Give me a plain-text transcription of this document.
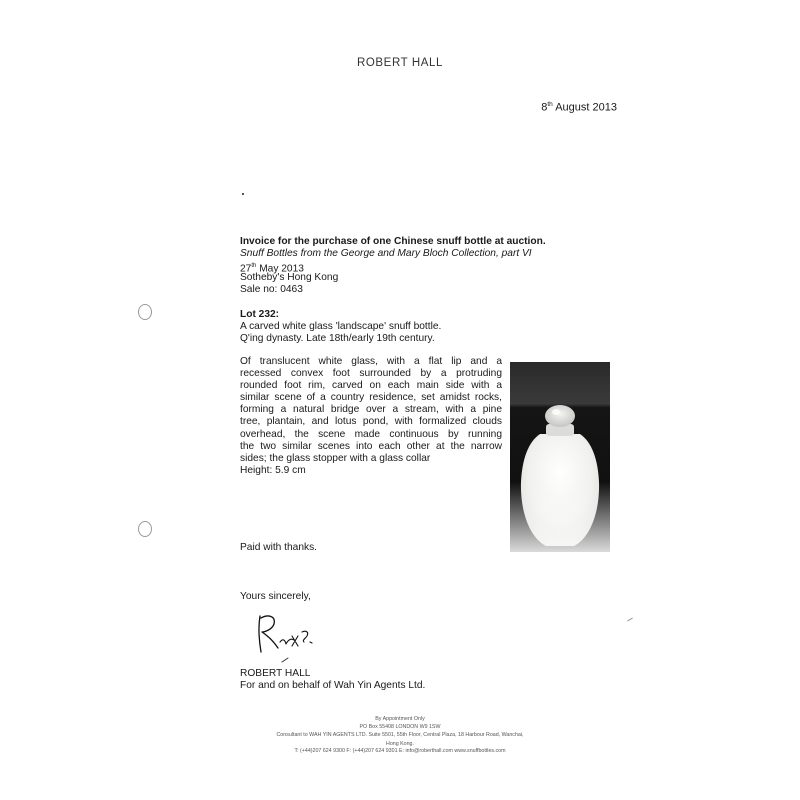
ROBERT HALL
8th August 2013
Invoice for the purchase of one Chinese snuff bottle at auction.
Snuff Bottles from the George and Mary Bloch Collection, part VI
27th May 2013
Sotheby's Hong Kong
Sale no: 0463
Lot 232:
A carved white glass 'landscape' snuff bottle.
Q'ing dynasty. Late 18th/early 19th century.
Of translucent white glass, with a flat lip and a
recessed convex foot surrounded by a protruding
rounded foot rim, carved on each main side with a
similar scene of a country residence, set amidst rocks,
forming a natural bridge over a stream, with a pine
tree, plantain, and lotus pond, with formalized clouds
overhead, the scene made continuous by running
the two similar scenes into each other at the narrow
sides; the glass stopper with a glass collar
Height: 5.9 cm
Paid with thanks.
Yours sincerely,
ROBERT HALL
For and on behalf of Wah Yin Agents Ltd.
By Appointment Only
PO Box 55408 LONDON W9 1SW
Consultant to WAH YIN AGENTS LTD. Suite 5501, 55th Floor, Central Plaza, 18 Harbour Road, Wanchai,
Hong Kong.
T: (+44)207 624 9300 F: (+44)207 624 9301 E: info@roberthall.com www.snuffbottles.com
